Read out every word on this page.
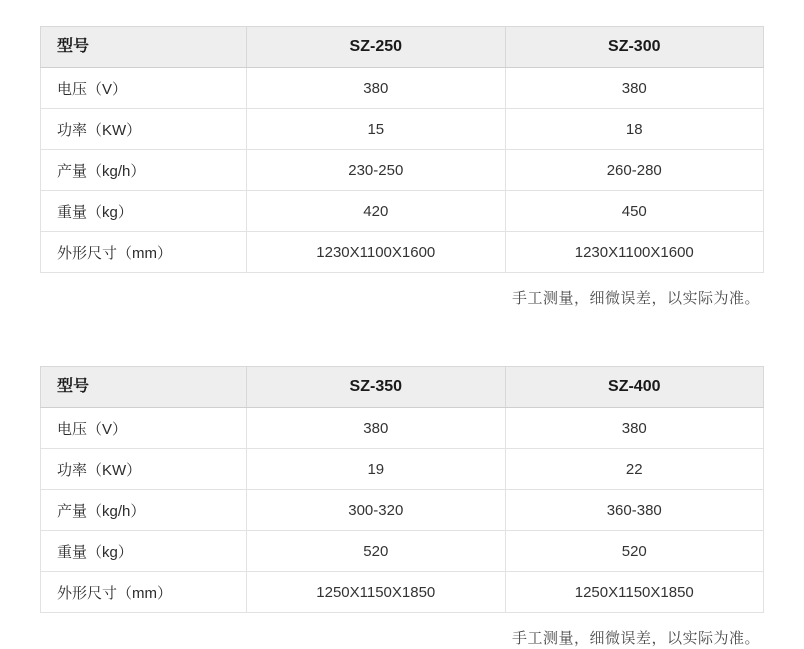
型号	SZ-250	SZ-300
电压（V）	380	380
功率（KW）	15	18
产量（kg/h）	230-250	260-280
重量（kg）	420	450
外形尺寸（mm）	1230X1100X1600	1230X1100X1600
手工测量，细微误差，以实际为准。
型号	SZ-350	SZ-400
电压（V）	380	380
功率（KW）	19	22
产量（kg/h）	300-320	360-380
重量（kg）	520	520
外形尺寸（mm）	1250X1150X1850	1250X1150X1850
手工测量，细微误差，以实际为准。
